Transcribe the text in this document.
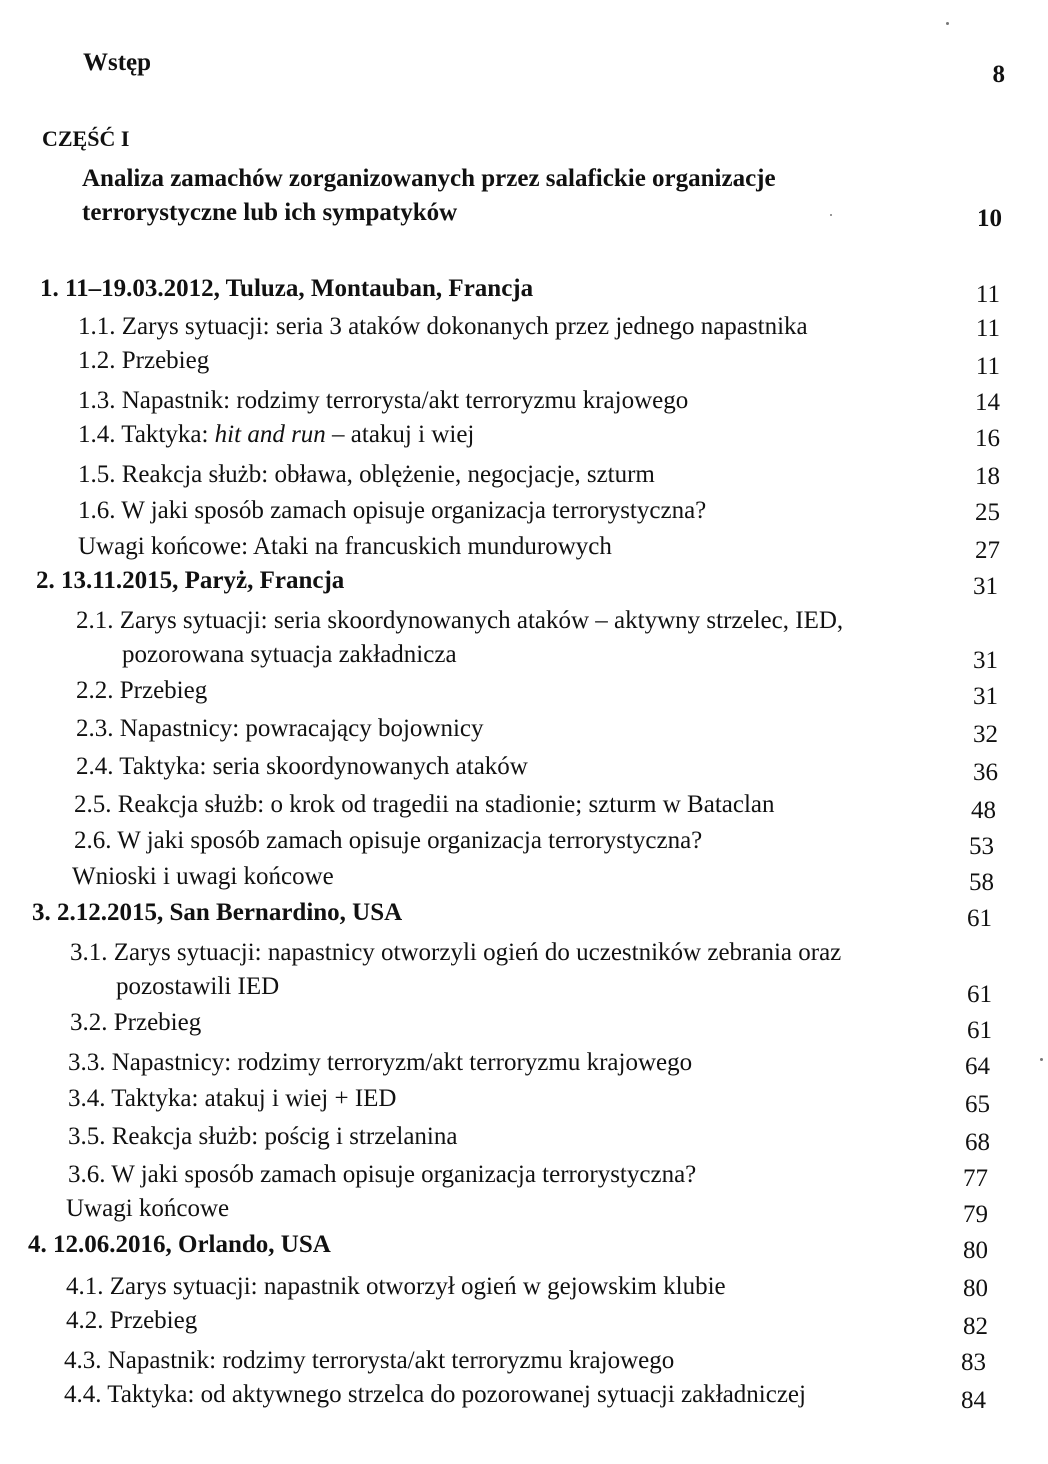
Wstęp	8
CZĘŚĆ I
Analiza zamachów zorganizowanych przez salafickie organizacje
terrorystyczne lub ich sympatyków	10
1. 11–19.03.2012, Tuluza, Montauban, Francja	11
1.1. Zarys sytuacji: seria 3 ataków dokonanych przez jednego napastnika	11
1.2. Przebieg	11
1.3. Napastnik: rodzimy terrorysta/akt terroryzmu krajowego	14
1.4. Taktyka: hit and run – atakuj i wiej	16
1.5. Reakcja służb: obława, oblężenie, negocjacje, szturm	18
1.6. W jaki sposób zamach opisuje organizacja terrorystyczna?	25
Uwagi końcowe: Ataki na francuskich mundurowych	27
2. 13.11.2015, Paryż, Francja	31
2.1. Zarys sytuacji: seria skoordynowanych ataków – aktywny strzelec, IED,
pozorowana sytuacja zakładnicza	31
2.2. Przebieg	31
2.3. Napastnicy: powracający bojownicy	32
2.4. Taktyka: seria skoordynowanych ataków	36
2.5. Reakcja służb: o krok od tragedii na stadionie; szturm w Bataclan	48
2.6. W jaki sposób zamach opisuje organizacja terrorystyczna?	53
Wnioski i uwagi końcowe	58
3. 2.12.2015, San Bernardino, USA	61
3.1. Zarys sytuacji: napastnicy otworzyli ogień do uczestników zebrania oraz
pozostawili IED	61
3.2. Przebieg	61
3.3. Napastnicy: rodzimy terroryzm/akt terroryzmu krajowego	64
3.4. Taktyka: atakuj i wiej + IED	65
3.5. Reakcja służb: pościg i strzelanina	68
3.6. W jaki sposób zamach opisuje organizacja terrorystyczna?	77
Uwagi końcowe	79
4. 12.06.2016, Orlando, USA	80
4.1. Zarys sytuacji: napastnik otworzył ogień w gejowskim klubie	80
4.2. Przebieg	82
4.3. Napastnik: rodzimy terrorysta/akt terroryzmu krajowego	83
4.4. Taktyka: od aktywnego strzelca do pozorowanej sytuacji zakładniczej	84
